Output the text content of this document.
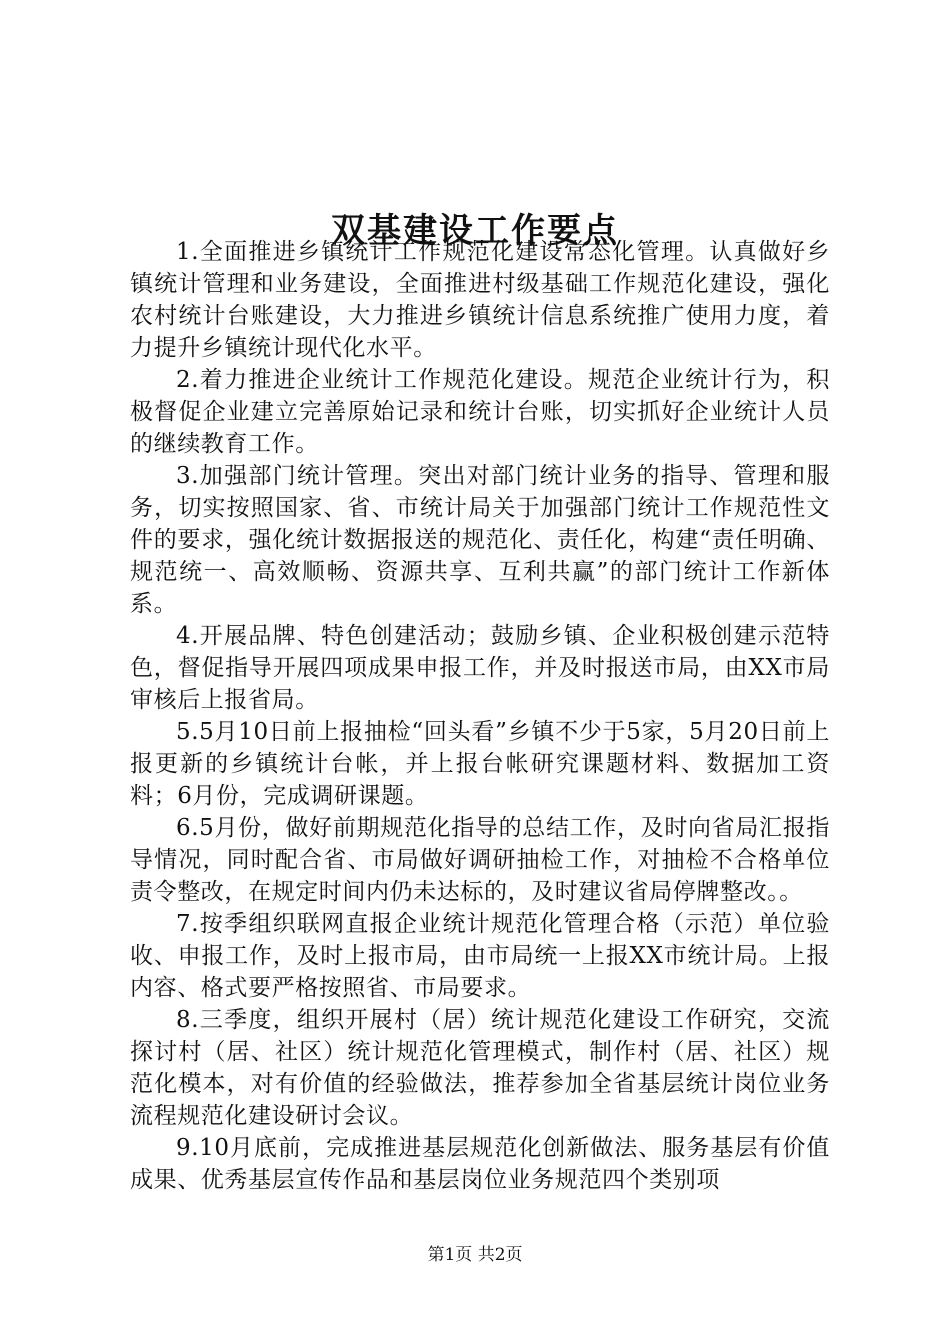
双基建设工作要点

1.全面推进乡镇统计工作规范化建设常态化管理。认真做好乡镇统计管理和业务建设，全面推进村级基础工作规范化建设，强化农村统计台账建设，大力推进乡镇统计信息系统推广使用力度，着力提升乡镇统计现代化水平。

2.着力推进企业统计工作规范化建设。规范企业统计行为，积极督促企业建立完善原始记录和统计台账，切实抓好企业统计人员的继续教育工作。

3.加强部门统计管理。突出对部门统计业务的指导、管理和服务，切实按照国家、省、市统计局关于加强部门统计工作规范性文件的要求，强化统计数据报送的规范化、责任化，构建“责任明确、规范统一、高效顺畅、资源共享、互利共赢”的部门统计工作新体系。

4.开展品牌、特色创建活动；鼓励乡镇、企业积极创建示范特色，督促指导开展四项成果申报工作，并及时报送市局，由XX市局审核后上报省局。

5.5月10日前上报抽检“回头看”乡镇不少于5家，5月20日前上报更新的乡镇统计台帐，并上报台帐研究课题材料、数据加工资料；6月份，完成调研课题。

6.5月份，做好前期规范化指导的总结工作，及时向省局汇报指导情况，同时配合省、市局做好调研抽检工作，对抽检不合格单位责令整改，在规定时间内仍未达标的，及时建议省局停牌整改。。

7.按季组织联网直报企业统计规范化管理合格（示范）单位验收、申报工作，及时上报市局，由市局统一上报XX市统计局。上报内容、格式要严格按照省、市局要求。

8.三季度，组织开展村（居）统计规范化建设工作研究，交流探讨村（居、社区）统计规范化管理模式，制作村（居、社区）规范化模本，对有价值的经验做法，推荐参加全省基层统计岗位业务流程规范化建设研讨会议。

9.10月底前，完成推进基层规范化创新做法、服务基层有价值成果、优秀基层宣传作品和基层岗位业务规范四个类别项

第1页 共2页
